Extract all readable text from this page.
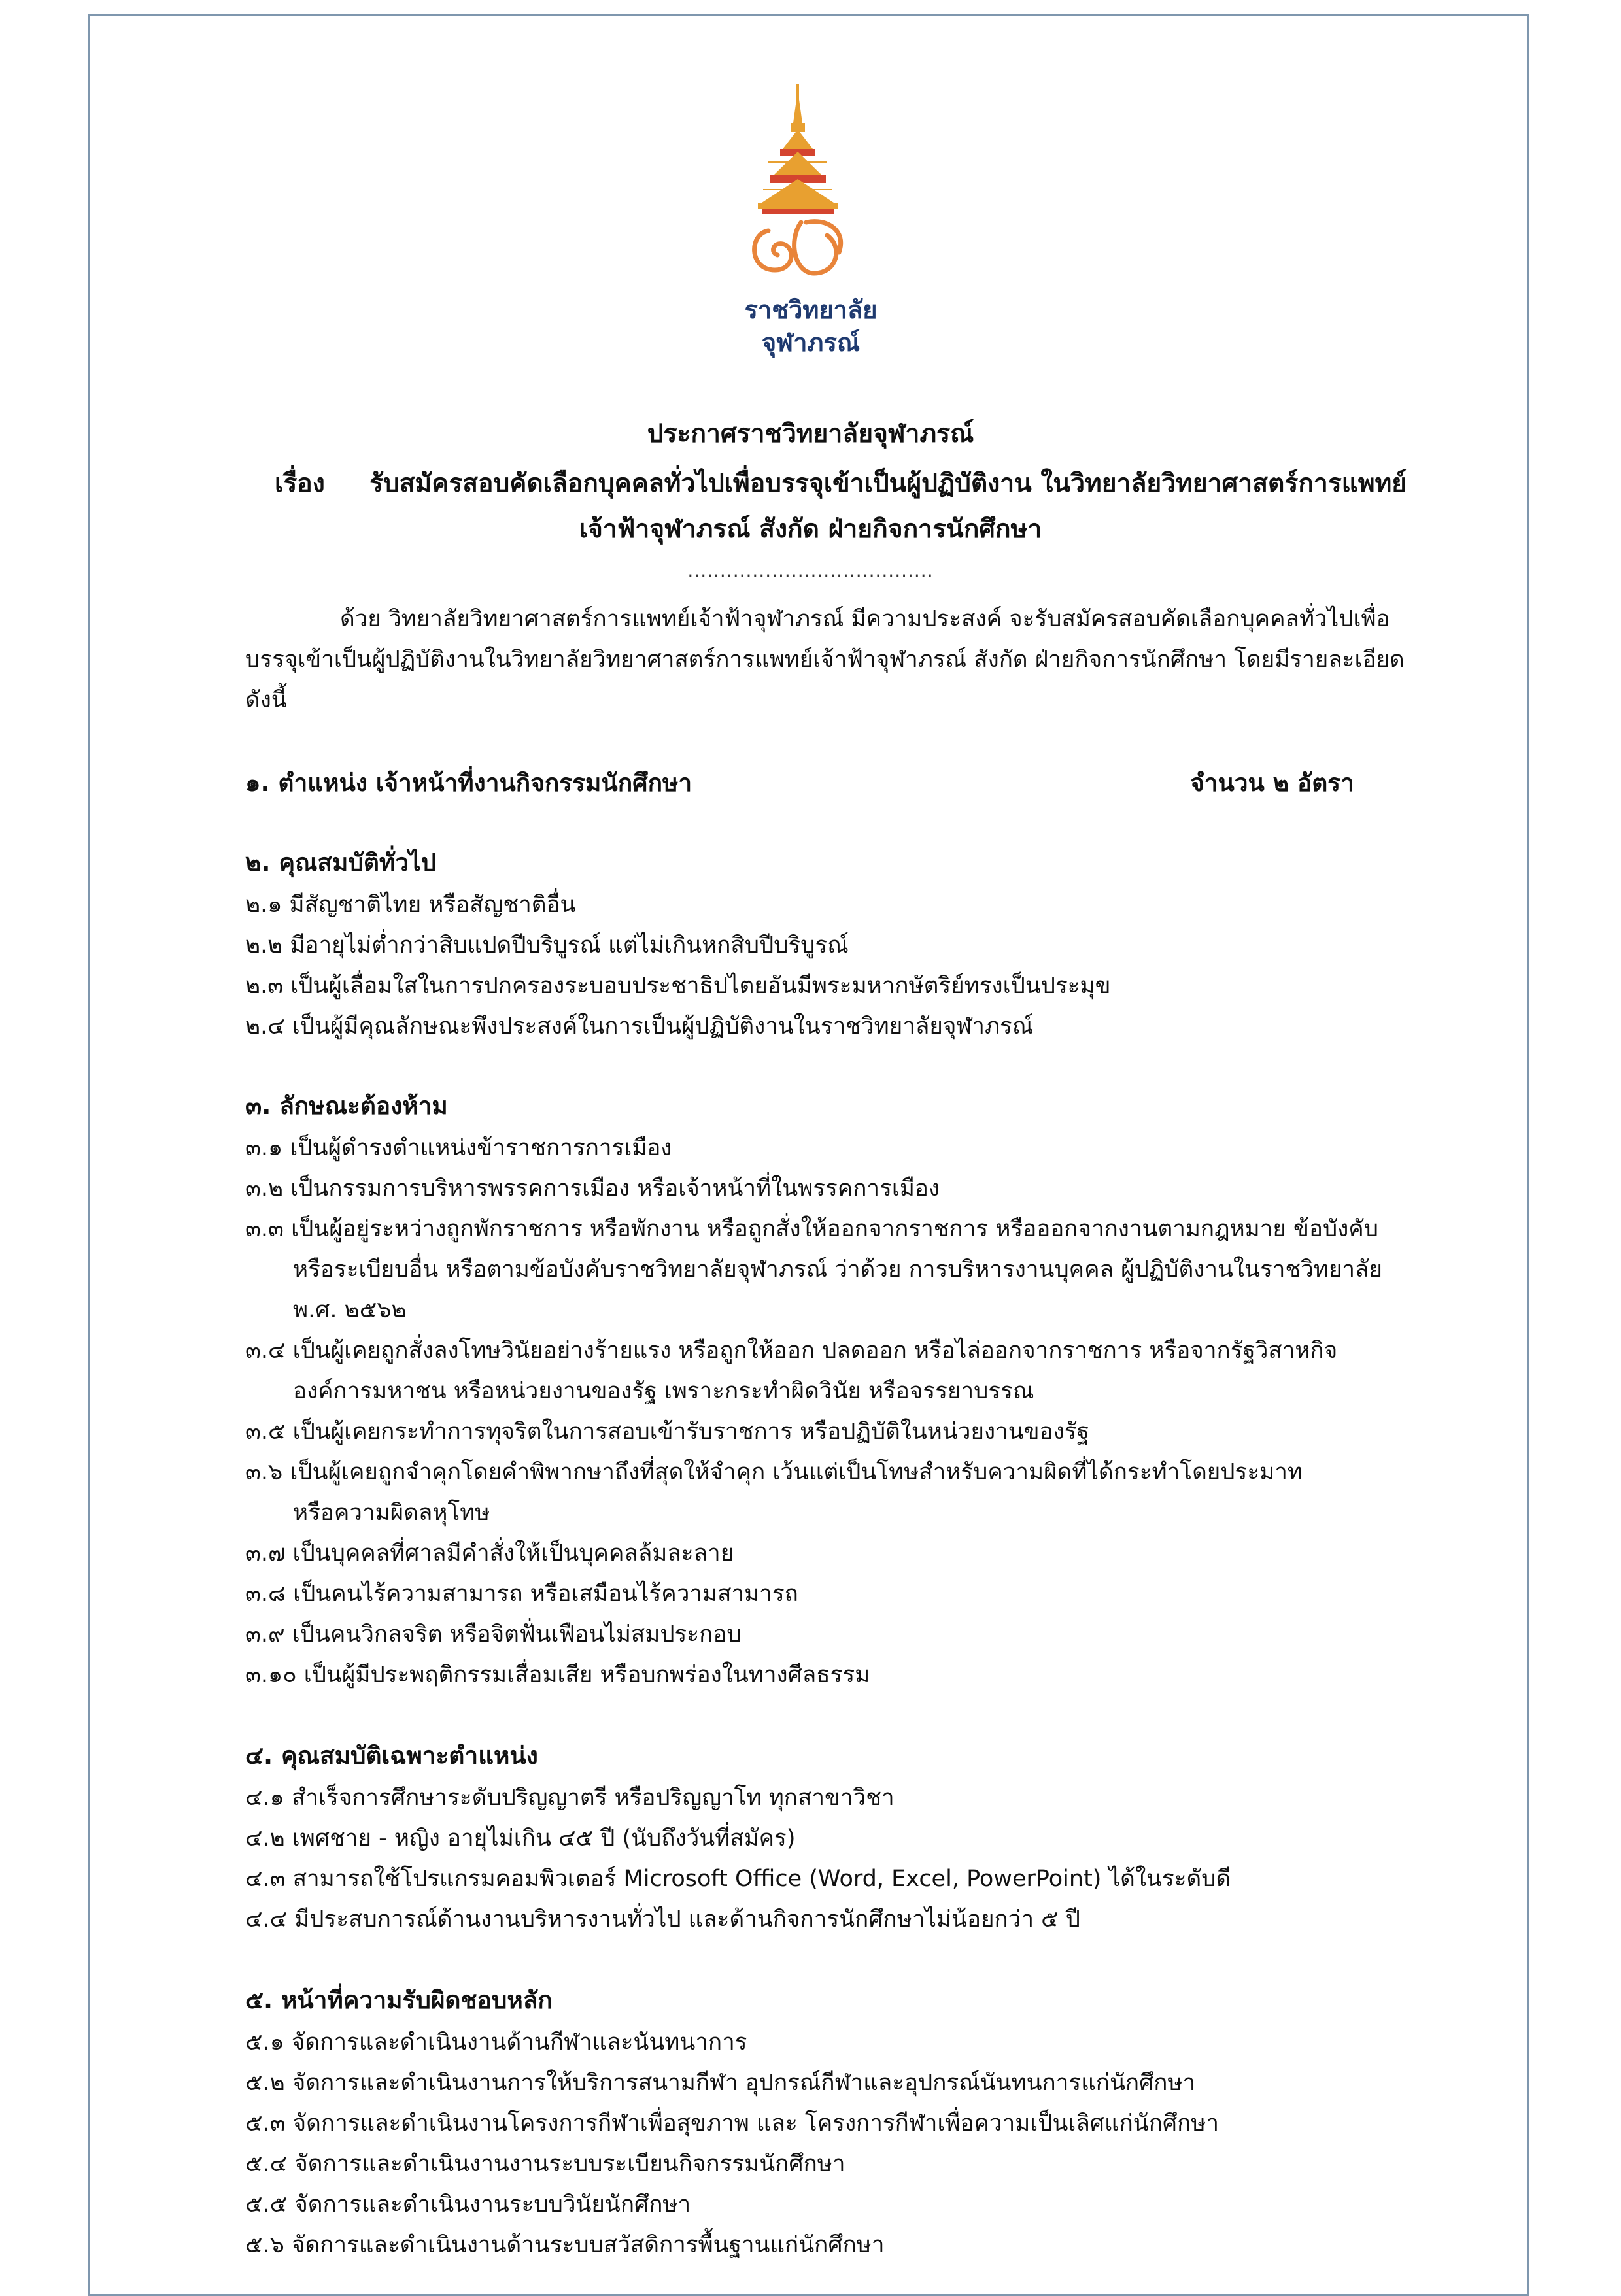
ราชวิทยาลัย
จุฬาภรณ์
ประกาศราชวิทยาลัยจุฬาภรณ์
เรื่อง รับสมัครสอบคัดเลือกบุคคลทั่วไปเพื่อบรรจุเข้าเป็นผู้ปฏิบัติงาน ในวิทยาลัยวิทยาศาสตร์การแพทย์
เจ้าฟ้าจุฬาภรณ์ สังกัด ฝ่ายกิจการนักศึกษา
......................................
ด้วย วิทยาลัยวิทยาศาสตร์การแพทย์เจ้าฟ้าจุฬาภรณ์ มีความประสงค์ จะรับสมัครสอบคัดเลือกบุคคลทั่วไปเพื่อ
บรรจุเข้าเป็นผู้ปฏิบัติงานในวิทยาลัยวิทยาศาสตร์การแพทย์เจ้าฟ้าจุฬาภรณ์ สังกัด ฝ่ายกิจการนักศึกษา โดยมีรายละเอียด
ดังนี้
๑. ตำแหน่ง เจ้าหน้าที่งานกิจกรรมนักศึกษา	จำนวน ๒ อัตรา
๒. คุณสมบัติทั่วไป
๒.๑ มีสัญชาติไทย หรือสัญชาติอื่น
๒.๒ มีอายุไม่ต่ำกว่าสิบแปดปีบริบูรณ์ แต่ไม่เกินหกสิบปีบริบูรณ์
๒.๓ เป็นผู้เลื่อมใสในการปกครองระบอบประชาธิปไตยอันมีพระมหากษัตริย์ทรงเป็นประมุข
๒.๔ เป็นผู้มีคุณลักษณะพึงประสงค์ในการเป็นผู้ปฏิบัติงานในราชวิทยาลัยจุฬาภรณ์
๓. ลักษณะต้องห้าม
๓.๑ เป็นผู้ดำรงตำแหน่งข้าราชการการเมือง
๓.๒ เป็นกรรมการบริหารพรรคการเมือง หรือเจ้าหน้าที่ในพรรคการเมือง
๓.๓ เป็นผู้อยู่ระหว่างถูกพักราชการ หรือพักงาน หรือถูกสั่งให้ออกจากราชการ หรือออกจากงานตามกฎหมาย ข้อบังคับ
หรือระเบียบอื่น หรือตามข้อบังคับราชวิทยาลัยจุฬาภรณ์ ว่าด้วย การบริหารงานบุคคล ผู้ปฏิบัติงานในราชวิทยาลัย
พ.ศ. ๒๕๖๒
๓.๔ เป็นผู้เคยถูกสั่งลงโทษวินัยอย่างร้ายแรง หรือถูกให้ออก ปลดออก หรือไล่ออกจากราชการ หรือจากรัฐวิสาหกิจ
องค์การมหาชน หรือหน่วยงานของรัฐ เพราะกระทำผิดวินัย หรือจรรยาบรรณ
๓.๕ เป็นผู้เคยกระทำการทุจริตในการสอบเข้ารับราชการ หรือปฏิบัติในหน่วยงานของรัฐ
๓.๖ เป็นผู้เคยถูกจำคุกโดยคำพิพากษาถึงที่สุดให้จำคุก เว้นแต่เป็นโทษสำหรับความผิดที่ได้กระทำโดยประมาท
หรือความผิดลหุโทษ
๓.๗ เป็นบุคคลที่ศาลมีคำสั่งให้เป็นบุคคลล้มละลาย
๓.๘ เป็นคนไร้ความสามารถ หรือเสมือนไร้ความสามารถ
๓.๙ เป็นคนวิกลจริต หรือจิตฟั่นเฟือนไม่สมประกอบ
๓.๑๐ เป็นผู้มีประพฤติกรรมเสื่อมเสีย หรือบกพร่องในทางศีลธรรม
๔. คุณสมบัติเฉพาะตำแหน่ง
๔.๑ สำเร็จการศึกษาระดับปริญญาตรี หรือปริญญาโท ทุกสาขาวิชา
๔.๒ เพศชาย - หญิง อายุไม่เกิน ๔๕ ปี (นับถึงวันที่สมัคร)
๔.๓ สามารถใช้โปรแกรมคอมพิวเตอร์ Microsoft Office (Word, Excel, PowerPoint) ได้ในระดับดี
๔.๔ มีประสบการณ์ด้านงานบริหารงานทั่วไป และด้านกิจการนักศึกษาไม่น้อยกว่า ๕ ปี
๕. หน้าที่ความรับผิดชอบหลัก
๕.๑ จัดการและดำเนินงานด้านกีฬาและนันทนาการ
๕.๒ จัดการและดำเนินงานการให้บริการสนามกีฬา อุปกรณ์กีฬาและอุปกรณ์นันทนการแก่นักศึกษา
๕.๓ จัดการและดำเนินงานโครงการกีฬาเพื่อสุขภาพ และ โครงการกีฬาเพื่อความเป็นเลิศแก่นักศึกษา
๕.๔ จัดการและดำเนินงานงานระบบระเบียนกิจกรรมนักศึกษา
๕.๕ จัดการและดำเนินงานระบบวินัยนักศึกษา
๕.๖ จัดการและดำเนินงานด้านระบบสวัสดิการพื้นฐานแก่นักศึกษา
